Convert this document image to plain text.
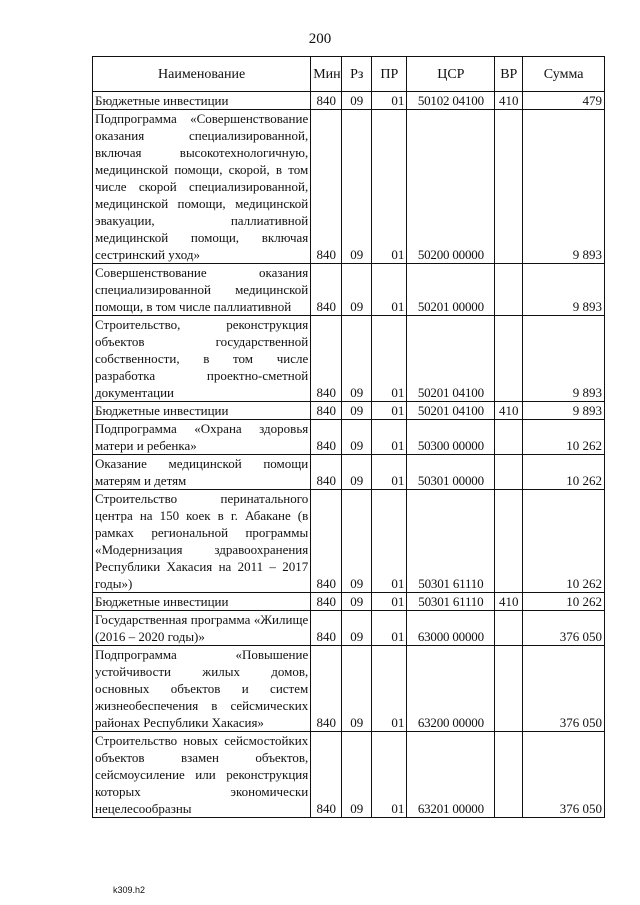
200
Наименование	Мин	Рз	ПР	ЦСР	ВР	Сумма
Бюджетные инвестиции	840	09	01	50102 04100	410	479
Подпрограмма «Совершенствование оказания специализированной, включая высокотехнологичную, медицинской помощи, скорой, в том числе скорой специализированной, медицинской помощи, медицинской эвакуации, паллиативной медицинской помощи, включая сестринский уход»	840	09	01	50200 00000		9 893
Совершенствование оказания специализированной медицинской помощи, в том числе паллиативной	840	09	01	50201 00000		9 893
Строительство, реконструкция объектов государственной собственности, в том числе разработка проектно-сметной документации	840	09	01	50201 04100		9 893
Бюджетные инвестиции	840	09	01	50201 04100	410	9 893
Подпрограмма «Охрана здоровья матери и ребенка»	840	09	01	50300 00000		10 262
Оказание медицинской помощи матерям и детям	840	09	01	50301 00000		10 262
Строительство перинатального центра на 150 коек в г. Абакане (в рамках региональной программы «Модернизация здравоохранения Республики Хакасия на 2011 – 2017 годы»)	840	09	01	50301 61110		10 262
Бюджетные инвестиции	840	09	01	50301 61110	410	10 262
Государственная программа «Жилище (2016 – 2020 годы)»	840	09	01	63000 00000		376 050
Подпрограмма «Повышение устойчивости жилых домов, основных объектов и систем жизнеобеспечения в сейсмических районах Республики Хакасия»	840	09	01	63200 00000		376 050
Строительство новых сейсмостойких объектов взамен объектов, сейсмоусиление или реконструкция которых экономически нецелесообразны	840	09	01	63201 00000		376 050
k309.h2
